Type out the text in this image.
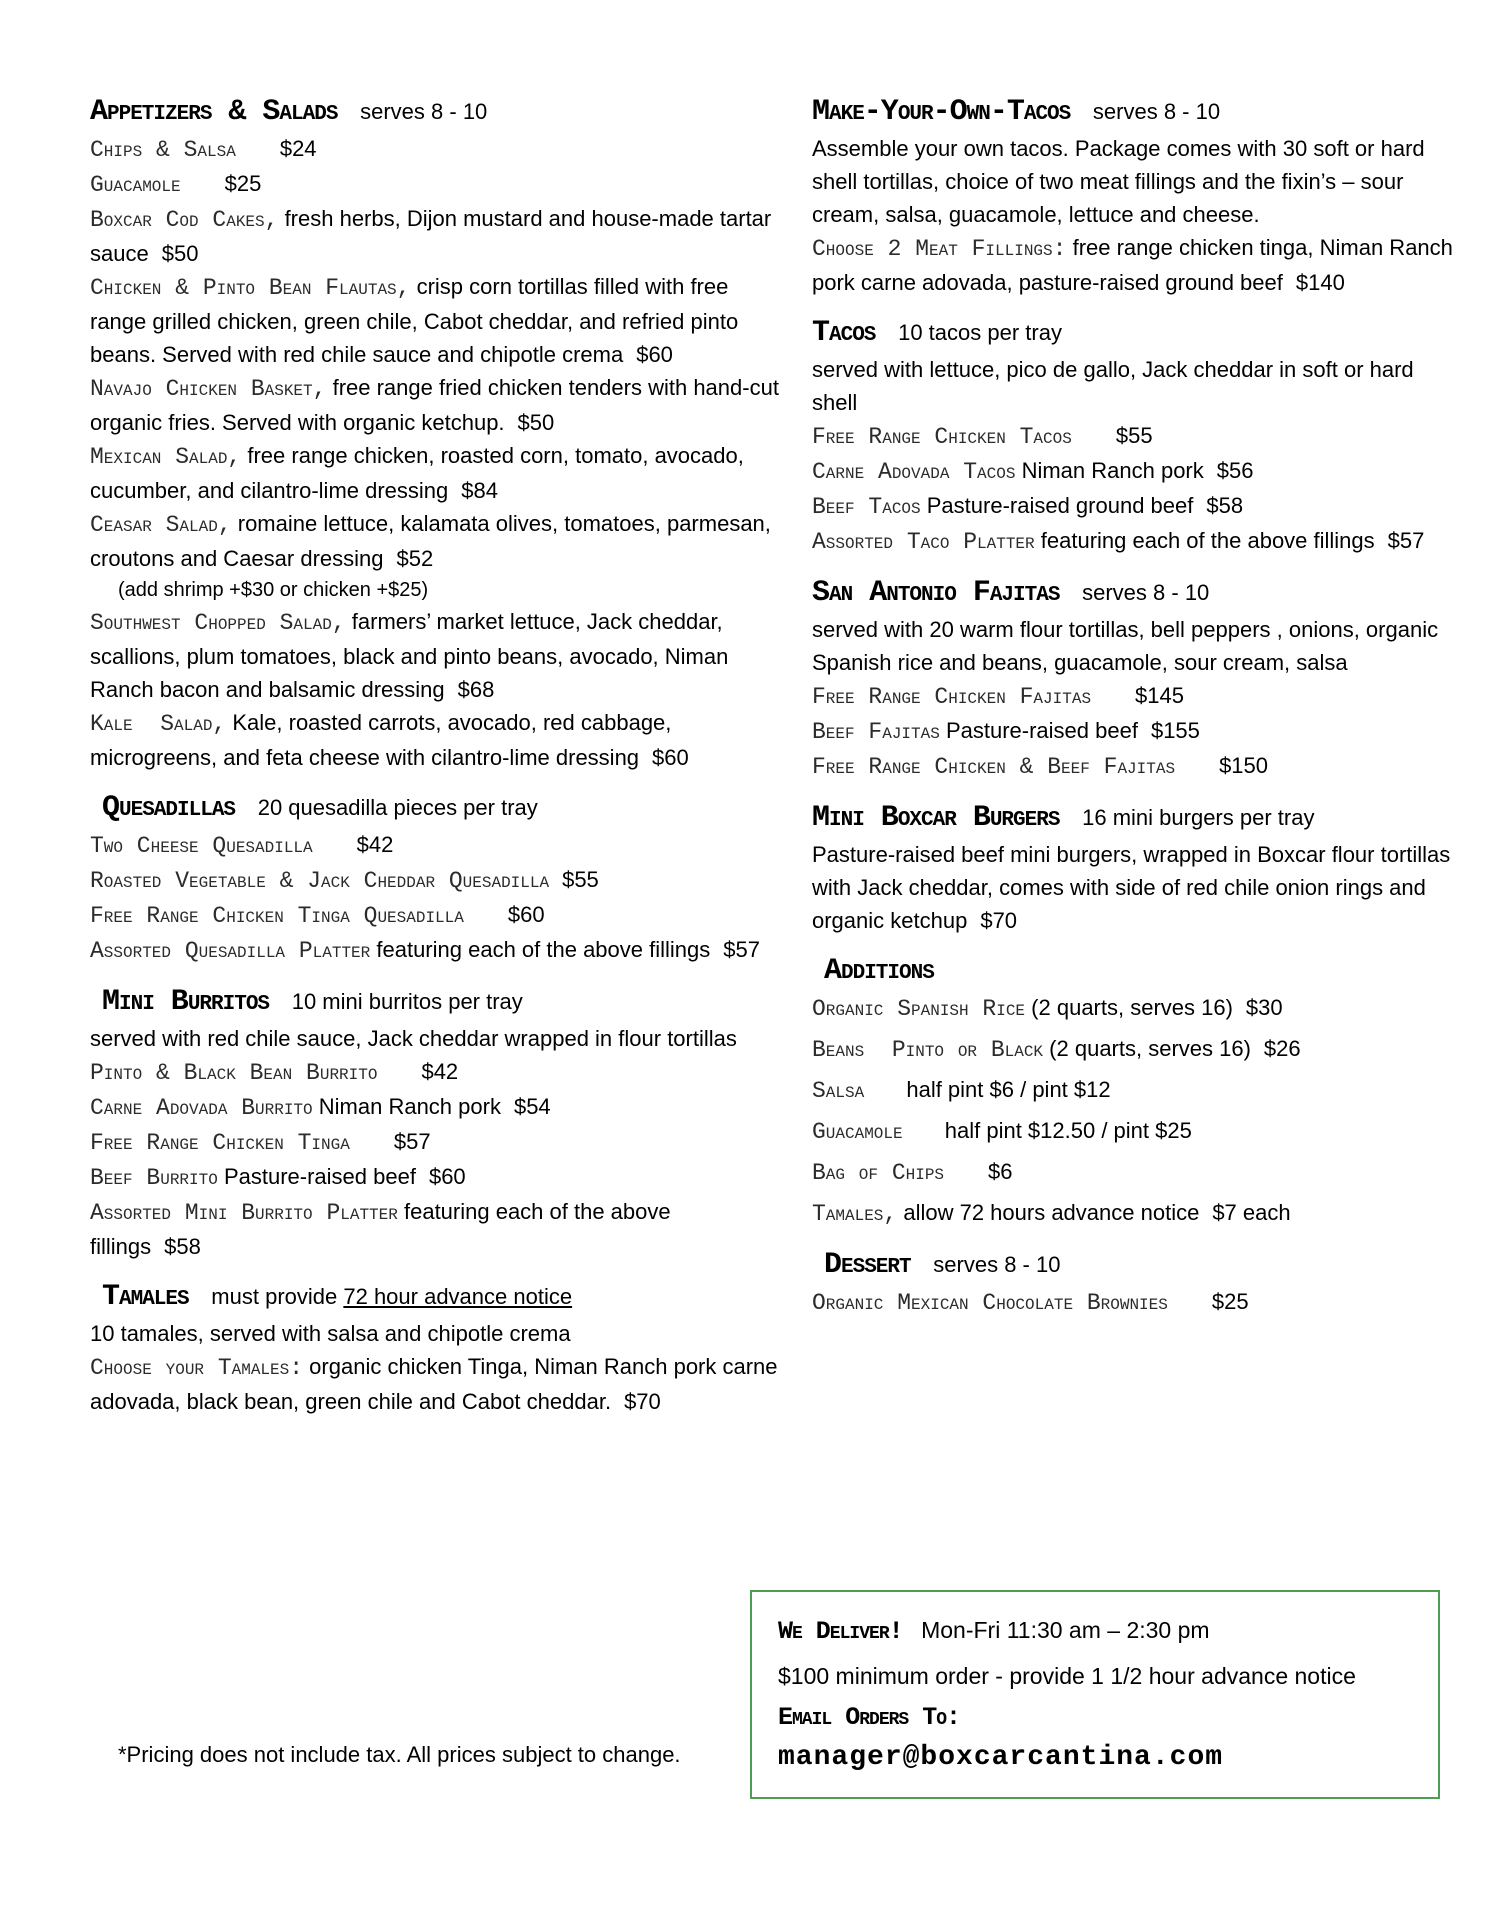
Appetizers & Salads serves 8 - 10

Chips & Salsa $24

Guacamole $25

Boxcar Cod Cakes, fresh herbs, Dijon mustard and house-made tartar sauce $50

Chicken & Pinto Bean Flautas, crisp corn tortillas filled with free range grilled chicken, green chile, Cabot cheddar, and refried pinto beans. Served with red chile sauce and chipotle crema $60

Navajo Chicken Basket, free range fried chicken tenders with hand-cut organic fries. Served with organic ketchup. $50

Mexican Salad, free range chicken, roasted corn, tomato, avocado, cucumber, and cilantro-lime dressing $84

Ceasar Salad, romaine lettuce, kalamata olives, tomatoes, parmesan, croutons and Caesar dressing $52

(add shrimp +$30 or chicken +$25)

Southwest Chopped Salad, farmers’ market lettuce, Jack cheddar, scallions, plum tomatoes, black and pinto beans, avocado, Niman Ranch bacon and balsamic dressing $68

Kale  Salad, Kale, roasted carrots, avocado, red cabbage, microgreens, and feta cheese with cilantro-lime dressing $60

Quesadillas 20 quesadilla pieces per tray

Two Cheese Quesadilla $42

Roasted Vegetable & Jack Cheddar Quesadilla $55

Free Range Chicken Tinga Quesadilla $60

Assorted Quesadilla Platter featuring each of the above fillings $57

Mini Burritos 10 mini burritos per tray

served with red chile sauce, Jack cheddar wrapped in flour tortillas

Pinto & Black Bean Burrito $42

Carne Adovada Burrito Niman Ranch pork $54

Free Range Chicken Tinga $57

Beef Burrito Pasture-raised beef $60

Assorted Mini Burrito Platter featuring each of the above fillings $58

Tamales must provide 72 hour advance notice

10 tamales, served with salsa and chipotle crema

Choose your Tamales: organic chicken Tinga, Niman Ranch pork carne adovada, black bean, green chile and Cabot cheddar. $70

Make-Your-Own-Tacos serves 8 - 10

Assemble your own tacos. Package comes with 30 soft or hard shell tortillas, choice of two meat fillings and the fixin’s – sour cream, salsa, guacamole, lettuce and cheese.

Choose 2 Meat Fillings: free range chicken tinga, Niman Ranch pork carne adovada, pasture-raised ground beef $140

Tacos 10 tacos per tray

served with lettuce, pico de gallo, Jack cheddar in soft or hard shell

Free Range Chicken Tacos $55

Carne Adovada Tacos Niman Ranch pork $56

Beef Tacos Pasture-raised ground beef $58

Assorted Taco Platter featuring each of the above fillings $57

San Antonio Fajitas serves 8 - 10

served with 20 warm flour tortillas, bell peppers , onions, organic Spanish rice and beans, guacamole, sour cream, salsa

Free Range Chicken Fajitas $145

Beef Fajitas Pasture-raised beef $155

Free Range Chicken & Beef Fajitas $150

Mini Boxcar Burgers 16 mini burgers per tray

Pasture-raised beef mini burgers, wrapped in Boxcar flour tortillas with Jack cheddar, comes with side of red chile onion rings and organic ketchup $70

Additions

Organic Spanish Rice (2 quarts, serves 16) $30

Beans  Pinto or Black (2 quarts, serves 16) $26

Salsa half pint $6 / pint $12

Guacamole half pint $12.50 / pint $25

Bag of Chips $6

Tamales, allow 72 hours advance notice $7 each

Dessert serves 8 - 10

Organic Mexican Chocolate Brownies $25

We Deliver! Mon-Fri 11:30 am – 2:30 pm

$100 minimum order - provide 1 1/2 hour advance notice

Email Orders To:

manager@boxcarcantina.com

*Pricing does not include tax. All prices subject to change.
